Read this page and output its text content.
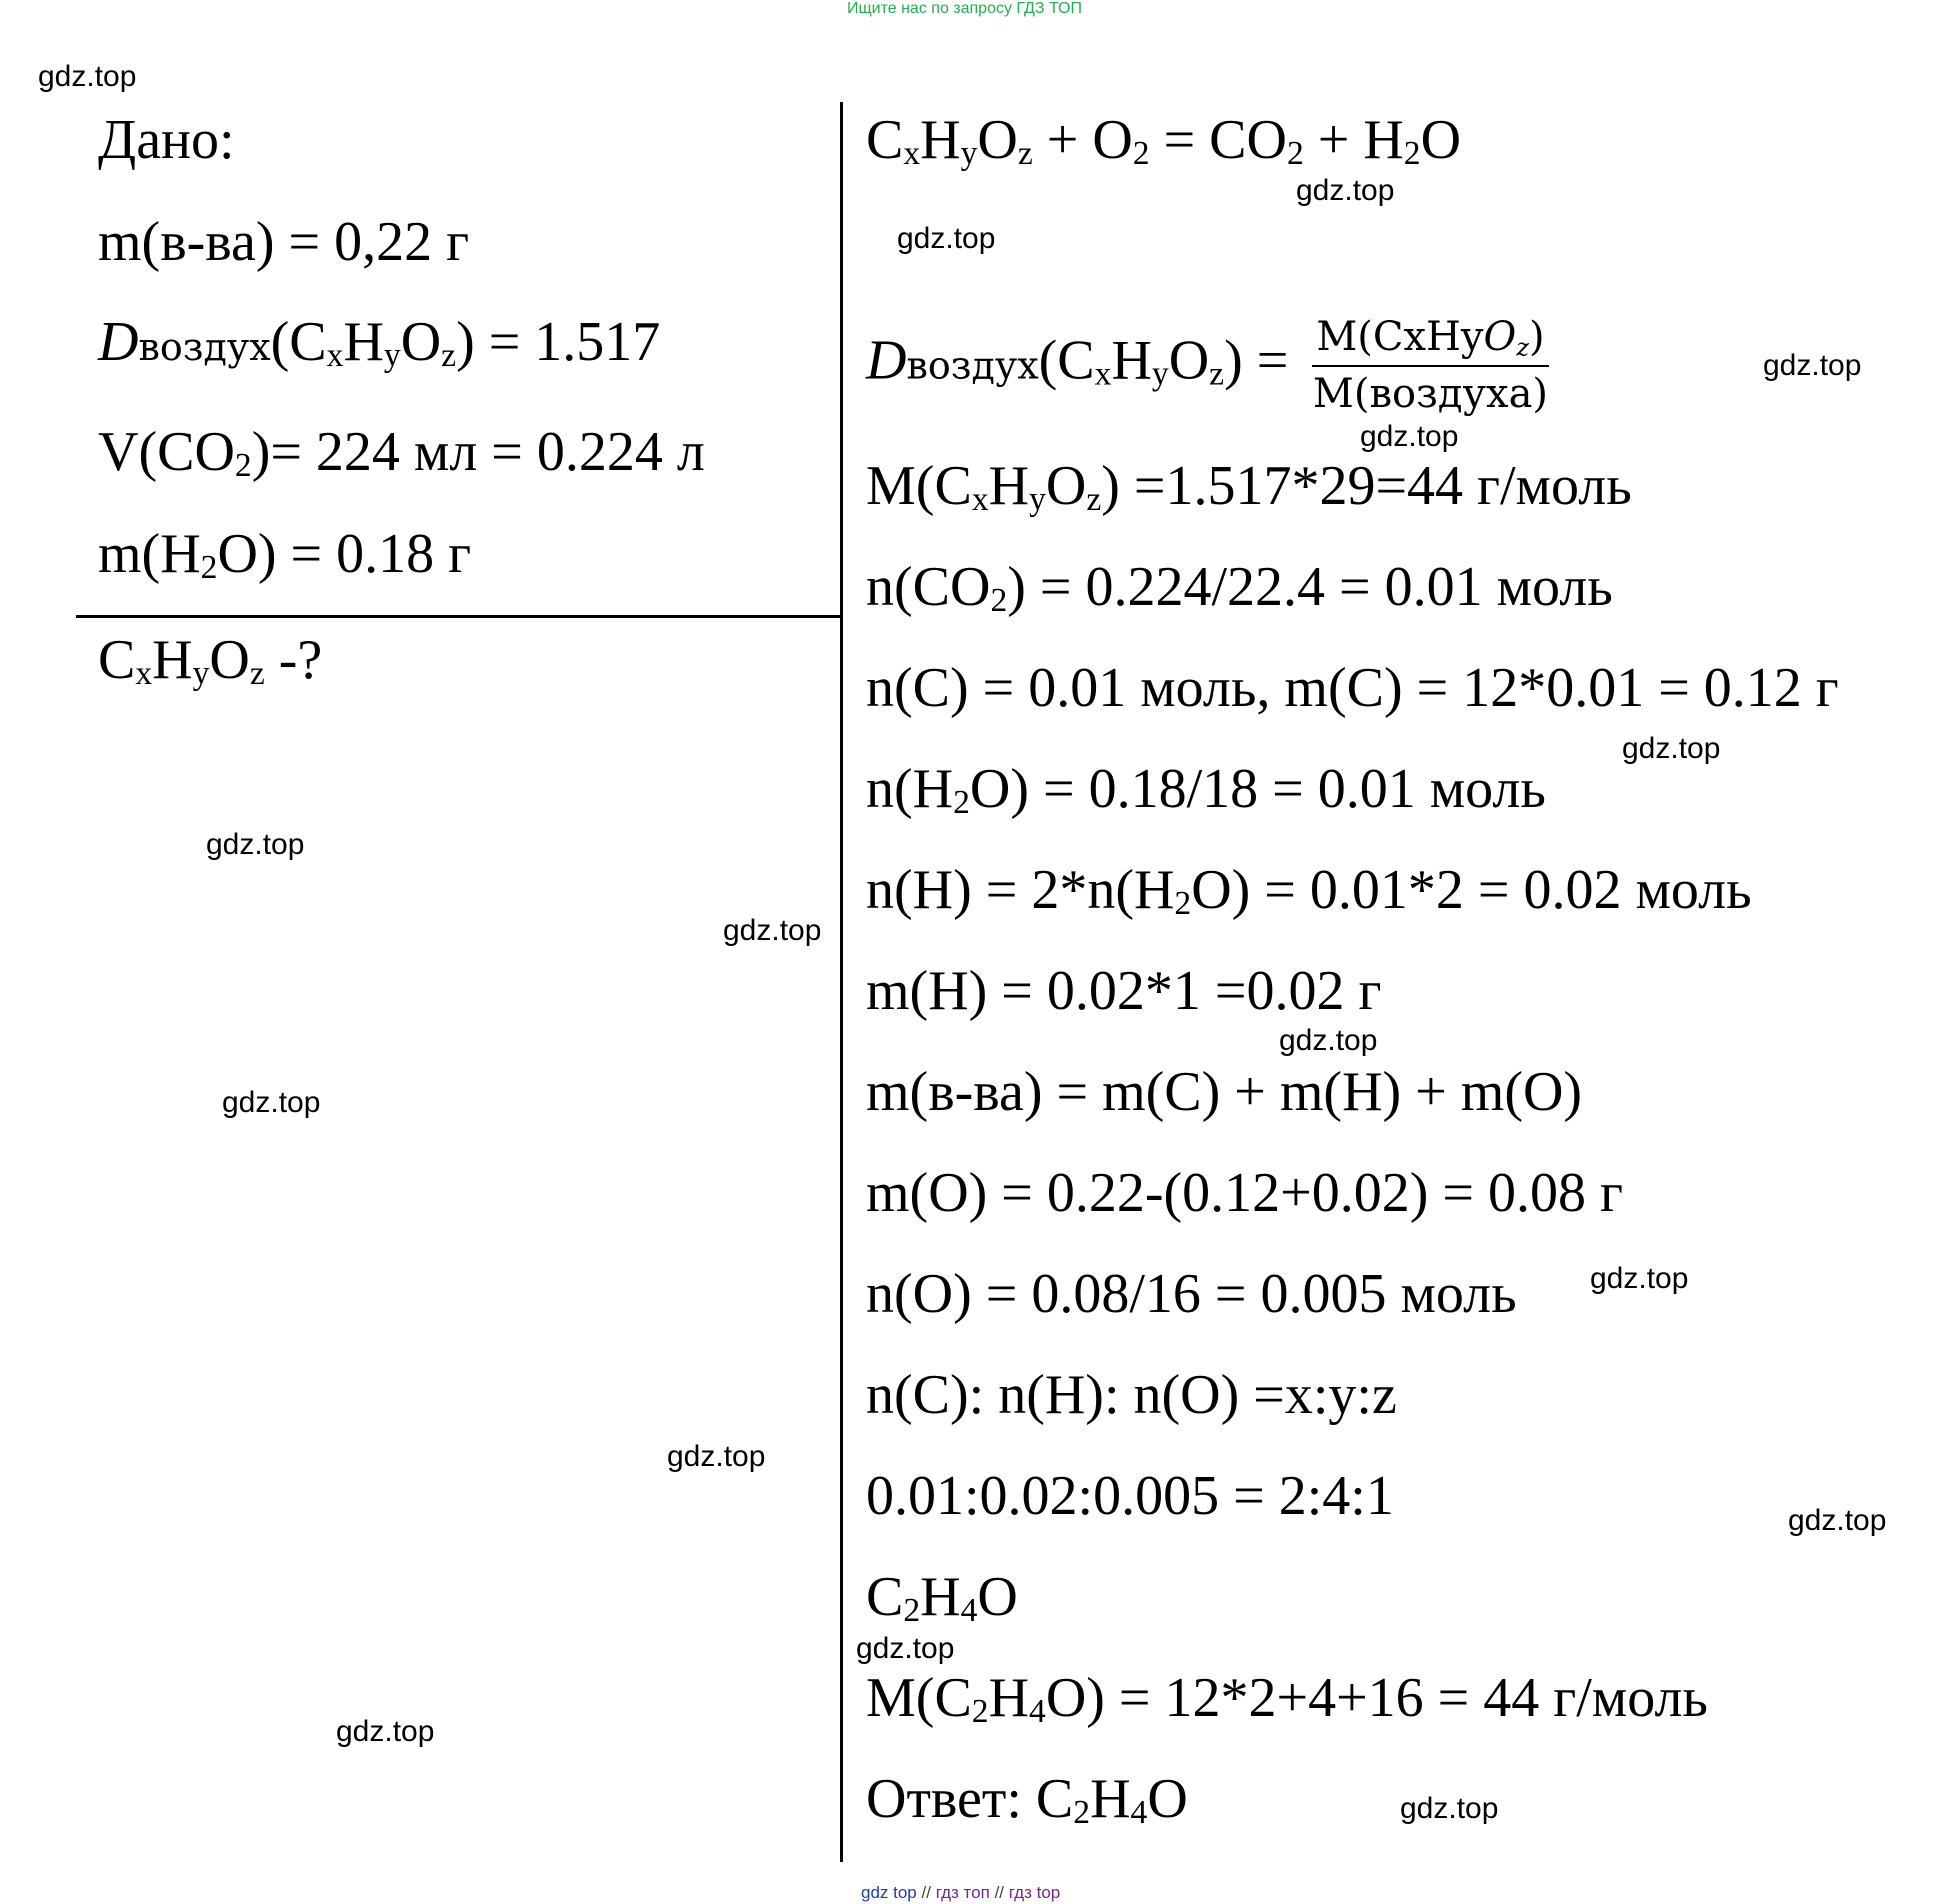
Ищите нас по запросу ГДЗ ТОП
Дано:
m(в-ва) = 0,22 г
$Dвоздух(C_xH_yO_z) = 1.517$
$V(CO_2)= 224$ мл = 0.224 л
$m(H_2O) = 0.18$ г
$C_xH_yO_z$ -?
$C_xH_yO_z + O_2 = CO_2 + H_2O$
$Dвоздух(C_xH_yO_z) = \frac{\text{M(CxHyOz)}}{\text{M(воздуха)}}$
$M(C_xH_yO_z) =1.517*29=44$ г/моль
$n(CO_2) = 0.224/22.4 = 0.01$ моль
n(C) = 0.01 моль, m(C) = 12*0.01 = 0.12 г
$n(H_2O) = 0.18/18 = 0.01$ моль
$n(H) = 2*n(H_2O) = 0.01*2 = 0.02$ моль
m(H) = 0.02*1 =0.02 г
m(в-ва) = m(C) + m(H) + m(O)
m(O) = 0.22-(0.12+0.02) = 0.08 г
n(O) = 0.08/16 = 0.005 моль
n(C): n(H): n(O) =x:y:z
0.01:0.02:0.005 = 2:4:1
$C_2H_4O$
$M(C_2H_4O) = 12*2+4+16 = 44$ г/моль
Ответ: $C_2H_4O$
gdz.top
gdz.top
gdz.top
gdz.top
gdz.top
gdz.top
gdz.top
gdz.top
gdz.top
gdz.top
gdz.top
gdz.top
gdz.top
gdz.top
gdz.top
gdz.top
gdz top // гдз топ // гдз top
